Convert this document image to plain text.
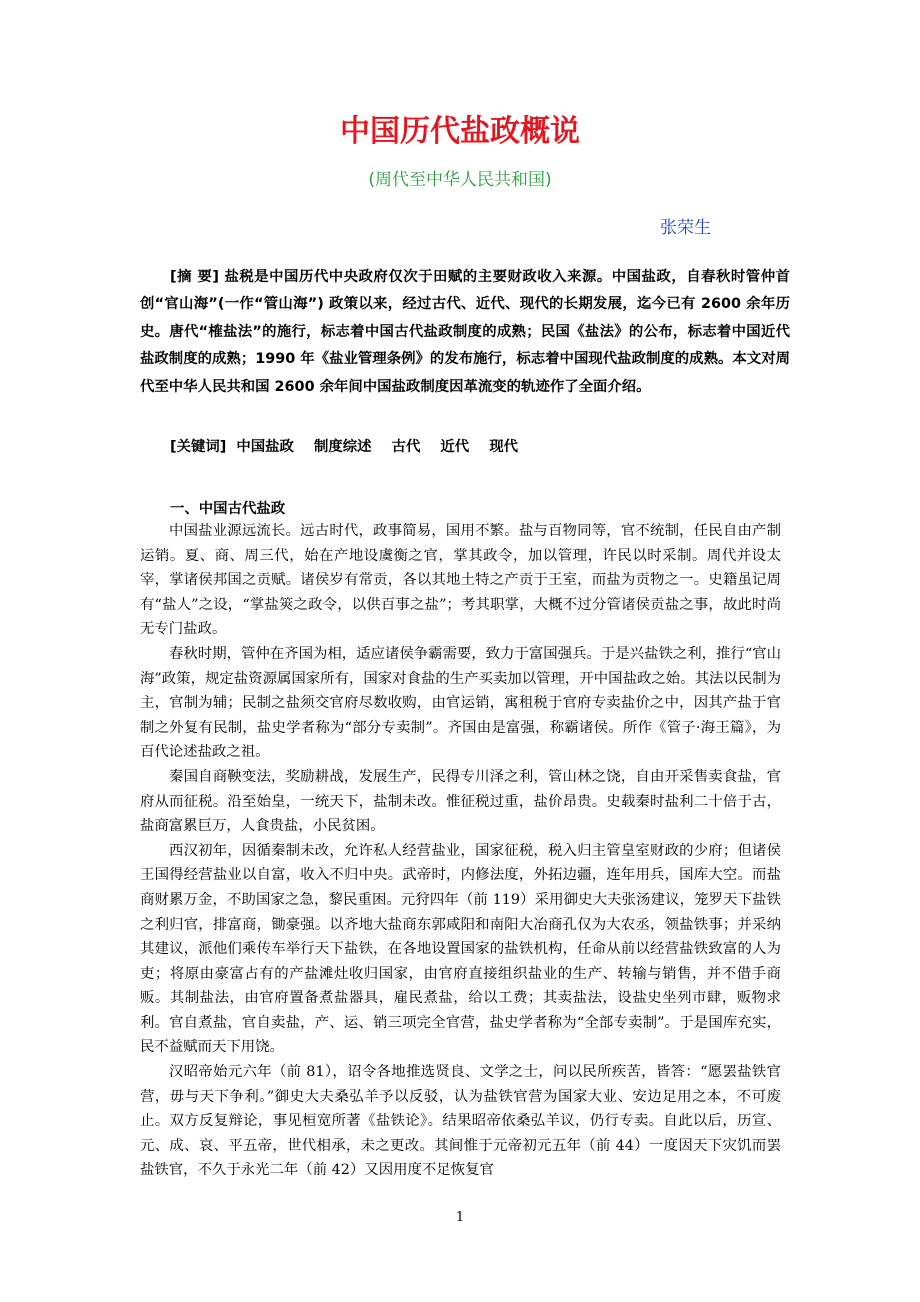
中国历代盐政概说
(周代至中华人民共和国)
张荣生

[摘 要] 盐税是中国历代中央政府仅次于田赋的主要财政收入来源。中国盐政，自春秋时管仲首创“官山海”(一作“管山海”) 政策以来，经过古代、近代、现代的长期发展，迄今已有 2600 余年历史。唐代“榷盐法”的施行，标志着中国古代盐政制度的成熟；民国《盐法》的公布，标志着中国近代盐政制度的成熟；1990 年《盐业管理条例》的发布施行，标志着中国现代盐政制度的成熟。本文对周代至中华人民共和国 2600 余年间中国盐政制度因革流变的轨迹作了全面介绍。

[关键词]  中国盐政    制度综述    古代    近代    现代
一、中国古代盐政

中国盐业源远流长。远古时代，政事简易，国用不繁。盐与百物同等，官不统制，任民自由产制运销。夏、商、周三代，始在产地设虞衡之官，掌其政令，加以管理，许民以时采制。周代并设太宰，掌诸侯邦国之贡赋。诸侯岁有常贡，各以其地土特之产贡于王室，而盐为贡物之一。史籍虽记周有“盐人”之设，“掌盐筴之政令，以供百事之盐”；考其职掌，大概不过分管诸侯贡盐之事，故此时尚无专门盐政。

春秋时期，管仲在齐国为相，适应诸侯争霸需要，致力于富国强兵。于是兴盐铁之利，推行“官山海”政策，规定盐资源属国家所有，国家对食盐的生产买卖加以管理，开中国盐政之始。其法以民制为主，官制为辅；民制之盐须交官府尽数收购，由官运销，寓租税于官府专卖盐价之中，因其产盐于官制之外复有民制，盐史学者称为“部分专卖制”。齐国由是富强，称霸诸侯。所作《管子·海王篇》，为百代论述盐政之祖。

秦国自商鞅变法，奖励耕战，发展生产，民得专川泽之利，管山林之饶，自由开采售卖食盐，官府从而征税。沿至始皇，一统天下，盐制未改。惟征税过重，盐价昂贵。史载秦时盐利二十倍于古，盐商富累巨万，人食贵盐，小民贫困。

西汉初年，因循秦制未改，允许私人经营盐业，国家征税，税入归主管皇室财政的少府；但诸侯王国得经营盐业以自富，收入不归中央。武帝时，内修法度，外拓边疆，连年用兵，国库大空。而盐商财累万金，不助国家之急，黎民重困。元狩四年（前 119）采用御史大夫张汤建议，笼罗天下盐铁之利归官，排富商，锄豪强。以齐地大盐商东郭咸阳和南阳大冶商孔仅为大农丞，领盐铁事；并采纳其建议，派他们乘传车举行天下盐铁，在各地设置国家的盐铁机构，任命从前以经营盐铁致富的人为吏；将原由豪富占有的产盐滩灶收归国家，由官府直接组织盐业的生产、转输与销售，并不借手商贩。其制盐法，由官府置备煮盐器具，雇民煮盐，给以工费；其卖盐法，设盐史坐列市肆，贩物求利。官自煮盐，官自卖盐，产、运、销三项完全官营，盐史学者称为“全部专卖制”。于是国库充实，民不益赋而天下用饶。

汉昭帝始元六年（前 81），诏令各地推选贤良、文学之士，问以民所疾苦，皆答：“愿罢盐铁官营，毋与天下争利。”御史大夫桑弘羊予以反驳，认为盐铁官营为国家大业、安边足用之本，不可废止。双方反复辩论，事见桓宽所著《盐铁论》。结果昭帝依桑弘羊议，仍行专卖。自此以后，历宣、元、成、哀、平五帝，世代相承，未之更改。其间惟于元帝初元五年（前 44）一度因天下灾饥而罢盐铁官，不久于永光二年（前 42）又因用度不足恢复官

1
